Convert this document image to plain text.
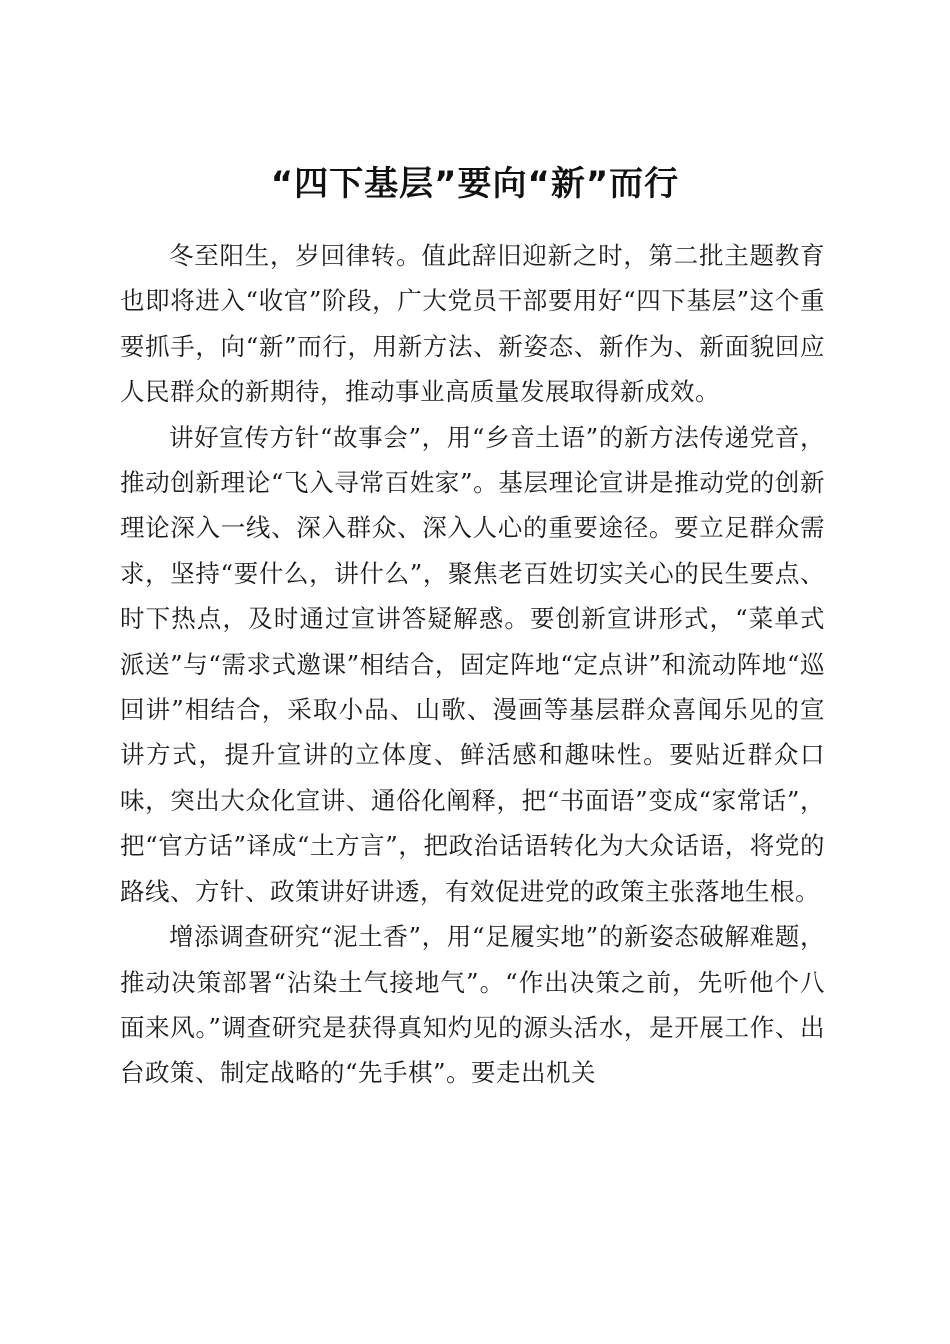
“四下基层”要向“新”而行

冬至阳生，岁回律转。值此辞旧迎新之时，第二批主题教育也即将进入“收官”阶段，广大党员干部要用好“四下基层”这个重要抓手，向“新”而行，用新方法、新姿态、新作为、新面貌回应人民群众的新期待，推动事业高质量发展取得新成效。

讲好宣传方针“故事会”，用“乡音土语”的新方法传递党音，推动创新理论“飞入寻常百姓家”。基层理论宣讲是推动党的创新理论深入一线、深入群众、深入人心的重要途径。要立足群众需求，坚持“要什么，讲什么”，聚焦老百姓切实关心的民生要点、时下热点，及时通过宣讲答疑解惑。要创新宣讲形式，“菜单式派送”与“需求式邀课”相结合，固定阵地“定点讲”和流动阵地“巡回讲”相结合，采取小品、山歌、漫画等基层群众喜闻乐见的宣讲方式，提升宣讲的立体度、鲜活感和趣味性。要贴近群众口味，突出大众化宣讲、通俗化阐释，把“书面语”变成“家常话”，把“官方话”译成“土方言”，把政治话语转化为大众话语，将党的路线、方针、政策讲好讲透，有效促进党的政策主张落地生根。

增添调查研究“泥土香”，用“足履实地”的新姿态破解难题，推动决策部署“沾染土气接地气”。“作出决策之前，先听他个八面来风。”调查研究是获得真知灼见的源头活水，是开展工作、出台政策、制定战略的“先手棋”。要走出机关
